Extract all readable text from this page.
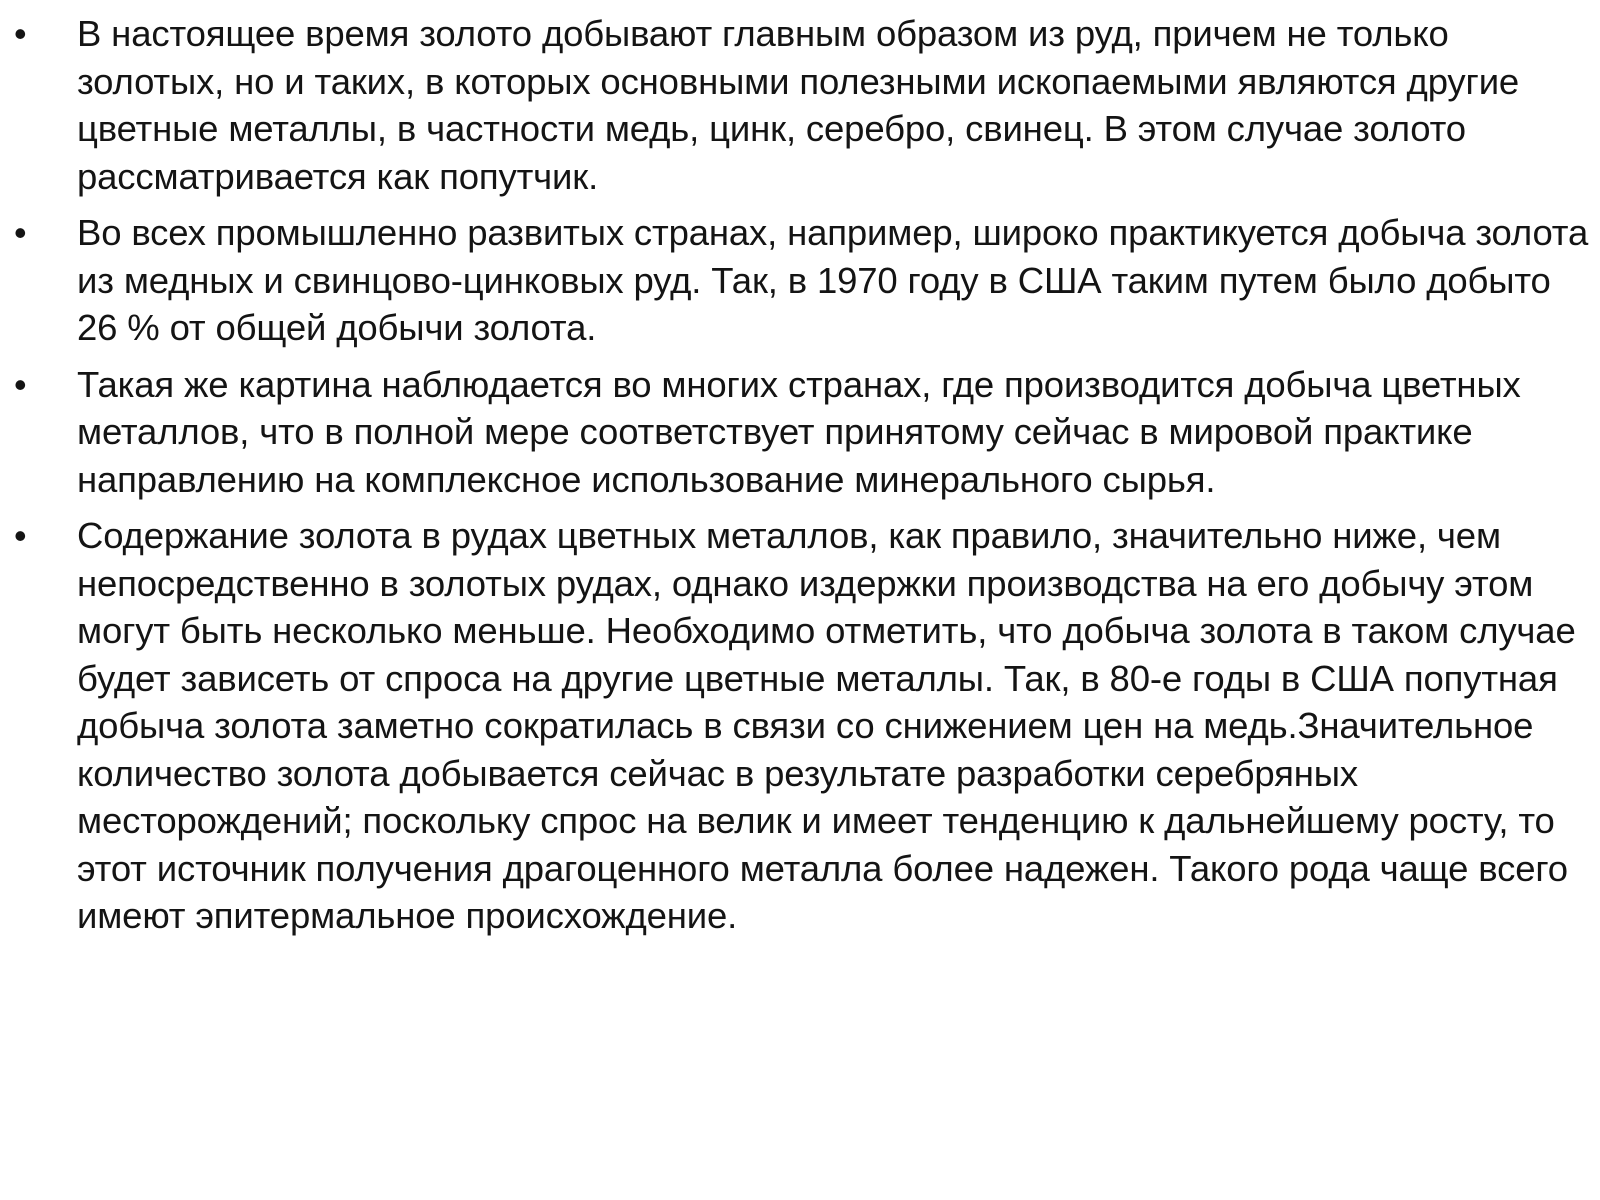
• В настоящее время золото добывают главным образом из руд, причем не только золотых, но и таких, в которых основными полезными ископаемыми являются другие цветные металлы, в частности медь, цинк, серебро, свинец. В этом случае золото рассматривается как попутчик.
• Во всех промышленно развитых странах, например, широко практикуется добыча золота из медных и свинцово-цинковых руд. Так, в 1970 году в США таким путем было добыто 26 % от общей добычи золота.
• Такая же картина наблюдается во многих странах, где производится добыча цветных металлов, что в полной мере соответствует принятому сейчас в мировой практике направлению на комплексное использование минерального сырья.
• Содержание золота в рудах цветных металлов, как правило, значительно ниже, чем непосредственно в золотых рудах, однако издержки производства на его добычу этом могут быть несколько меньше. Необходимо отметить, что добыча золота в таком случае будет зависеть от спроса на другие цветные металлы. Так, в 80-е годы в США попутная добыча золота заметно сократилась в связи со снижением цен на медь.Значительное количество золота добывается сейчас в результате разработки серебряных месторождений; поскольку спрос на велик и имеет тенденцию к дальнейшему росту, то этот источник получения драгоценного металла более надежен. Такого рода чаще всего имеют эпитермальное происхождение.
